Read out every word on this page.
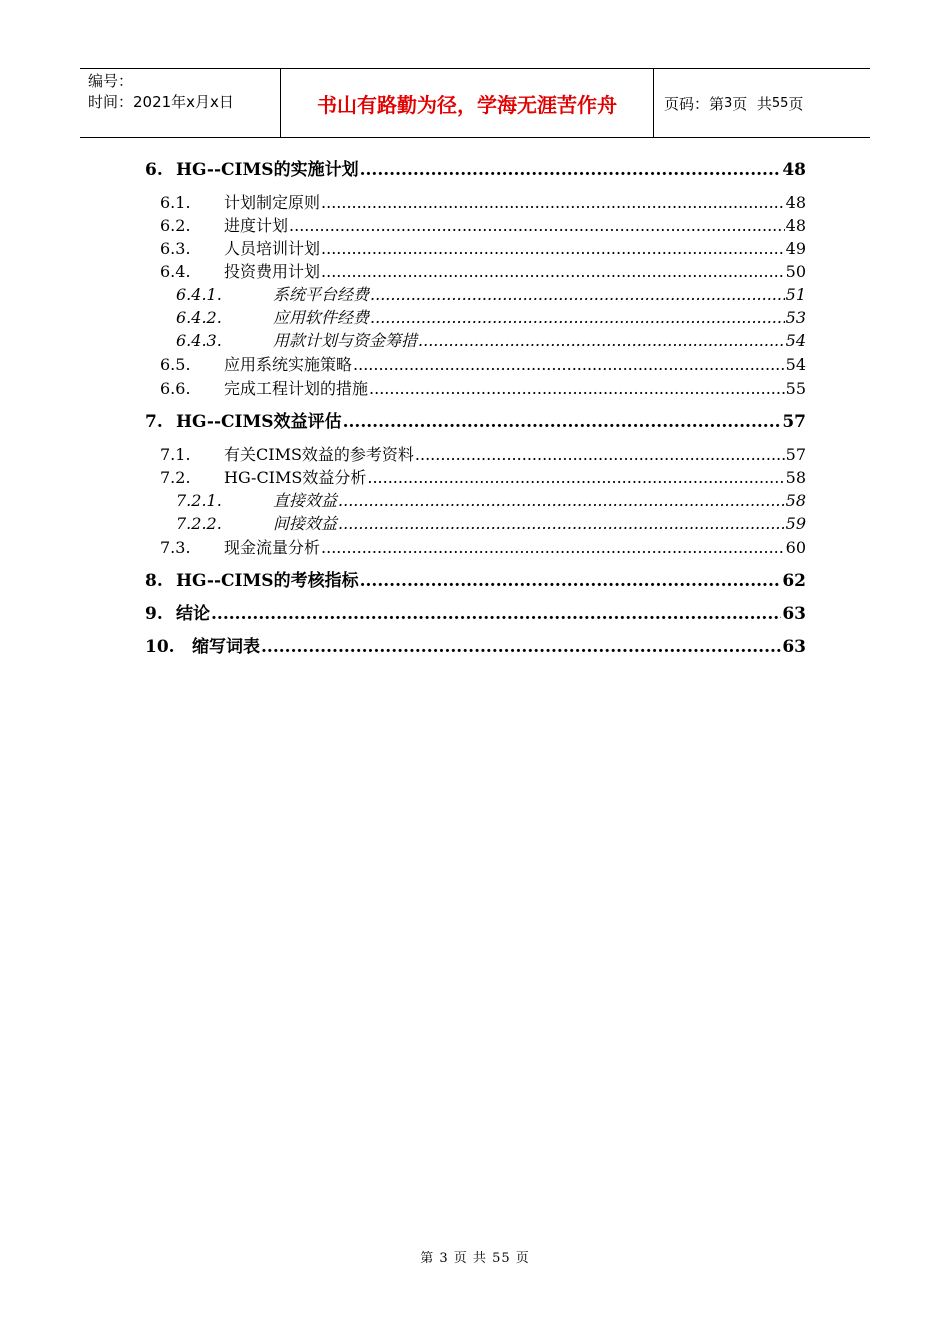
编号：
时间：2021年x月x日	书山有路勤为径，学海无涯苦作舟	页码：第 3 页  共 55 页
6. HG--CIMS的实施计划 .....	48
6.1.	计划制定原则 .....	48
6.2.	进度计划 .....	48
6.3.	人员培训计划 .....	49
6.4.	投资费用计划 .....	50
6.4.1.	系统平台经费 .....	51
6.4.2.	应用软件经费 .....	53
6.4.3.	用款计划与资金筹措 .....	54
6.5.	应用系统实施策略 .....	54
6.6.	完成工程计划的措施 .....	55
7. HG--CIMS效益评估 .....	57
7.1.	有关CIMS效益的参考资料 .....	57
7.2.	HG-CIMS效益分析 .....	58
7.2.1.	直接效益 .....	58
7.2.2.	间接效益 .....	59
7.3.	现金流量分析 .....	60
8. HG--CIMS的考核指标 .....	62
9. 结论 .....	63
10.	缩写词表 .....	63
第 3 页 共 55 页
